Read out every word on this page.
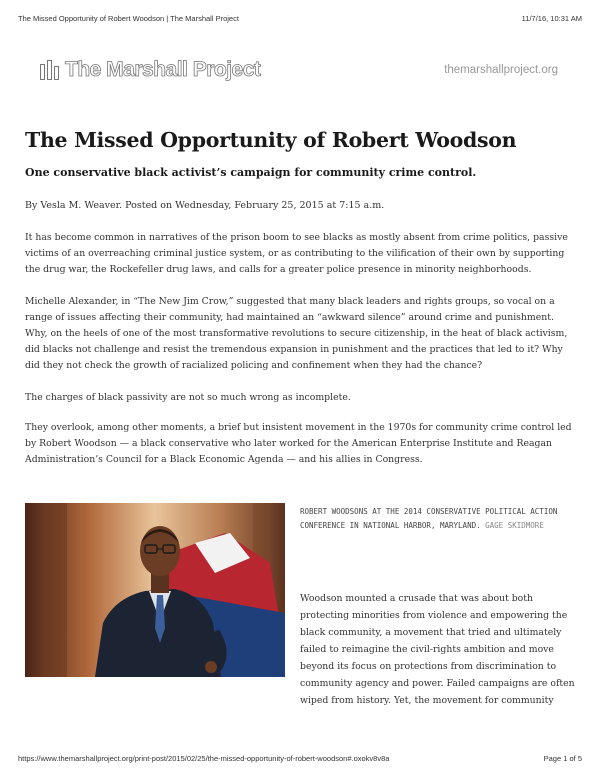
The Missed Opportunity of Robert Woodson | The Marshall Project	11/7/16, 10:31 AM
The Marshall Project	themarshallproject.org
The Missed Opportunity of Robert Woodson

One conservative black activist’s campaign for community crime control.

By Vesla M. Weaver. Posted on Wednesday, February 25, 2015 at 7:15 a.m.

It has become common in narratives of the prison boom to see blacks as mostly absent from crime politics, passive victims of an overreaching criminal justice system, or as contributing to the vilification of their own by supporting the drug war, the Rockefeller drug laws, and calls for a greater police presence in minority neighborhoods.

Michelle Alexander, in “The New Jim Crow,” suggested that many black leaders and rights groups, so vocal on a range of issues affecting their community, had maintained an “awkward silence” around crime and punishment. Why, on the heels of one of the most transformative revolutions to secure citizenship, in the heat of black activism, did blacks not challenge and resist the tremendous expansion in punishment and the practices that led to it? Why did they not check the growth of racialized policing and confinement when they had the chance?

The charges of black passivity are not so much wrong as incomplete.

They overlook, among other moments, a brief but insistent movement in the 1970s for community crime control led by Robert Woodson — a black conservative who later worked for the American Enterprise Institute and Reagan Administration’s Council for a Black Economic Agenda — and his allies in Congress.

ROBERT WOODSONS AT THE 2014 CONSERVATIVE POLITICAL ACTION CONFERENCE IN NATIONAL HARBOR, MARYLAND. GAGE SKIDMORE

Woodson mounted a crusade that was about both protecting minorities from violence and empowering the black community, a movement that tried and ultimately failed to reimagine the civil-rights ambition and move beyond its focus on protections from discrimination to community agency and power. Failed campaigns are often wiped from history. Yet, the movement for community

https://www.themarshallproject.org/print-post/2015/02/25/the-missed-opportunity-of-robert-woodson#.oxokv8v8a	Page 1 of 5
